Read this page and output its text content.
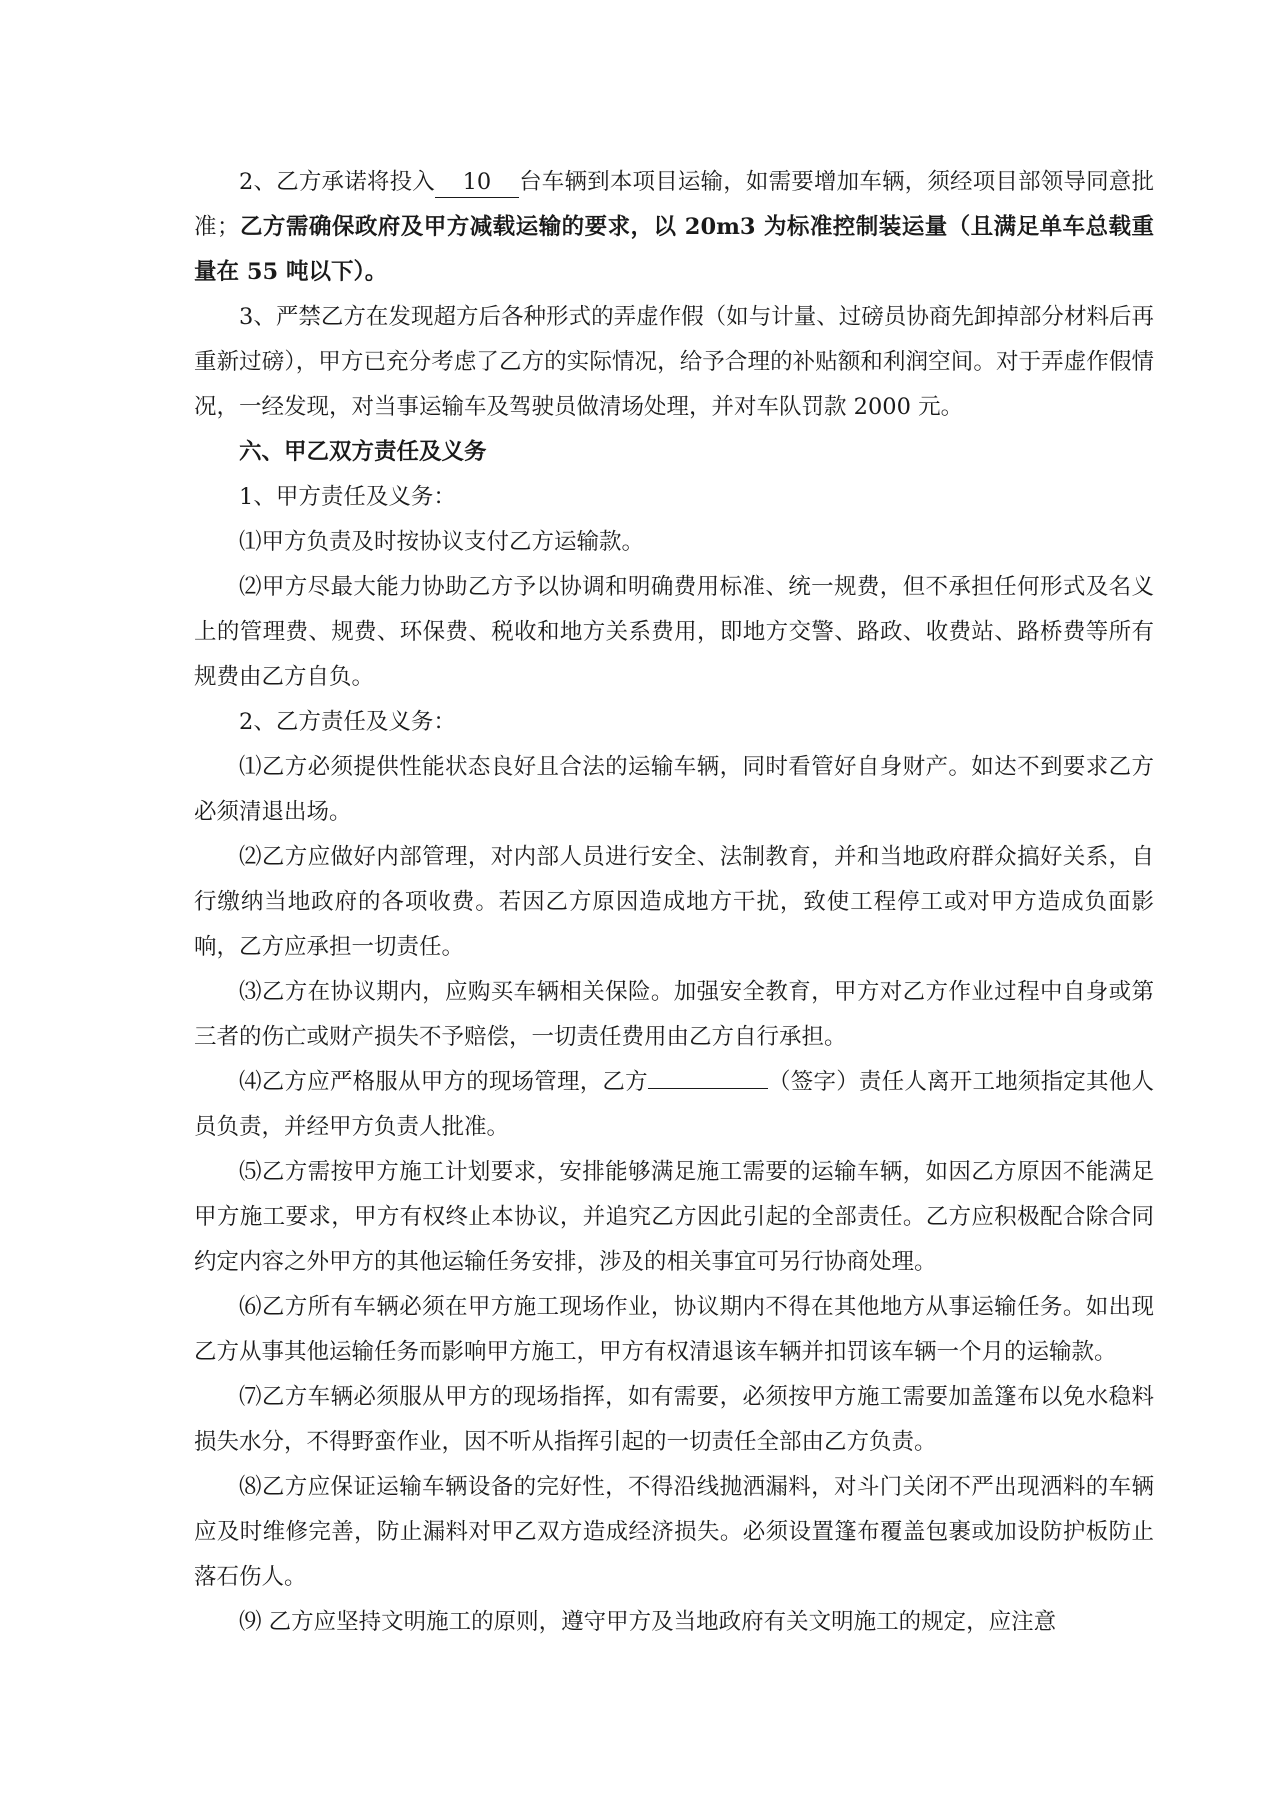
2、乙方承诺将投入 10 台车辆到本项目运输，如需要增加车辆，须经项目部领导同意批准；乙方需确保政府及甲方减载运输的要求，以 20m3 为标准控制装运量（且满足单车总载重量在 55 吨以下）。

3、严禁乙方在发现超方后各种形式的弄虚作假（如与计量、过磅员协商先卸掉部分材料后再重新过磅），甲方已充分考虑了乙方的实际情况，给予合理的补贴额和利润空间。对于弄虚作假情况，一经发现，对当事运输车及驾驶员做清场处理，并对车队罚款 2000 元。

六、甲乙双方责任及义务

1、甲方责任及义务：

⑴甲方负责及时按协议支付乙方运输款。

⑵甲方尽最大能力协助乙方予以协调和明确费用标准、统一规费，但不承担任何形式及名义上的管理费、规费、环保费、税收和地方关系费用，即地方交警、路政、收费站、路桥费等所有规费由乙方自负。

2、乙方责任及义务：

⑴乙方必须提供性能状态良好且合法的运输车辆，同时看管好自身财产。如达不到要求乙方必须清退出场。

⑵乙方应做好内部管理，对内部人员进行安全、法制教育，并和当地政府群众搞好关系，自行缴纳当地政府的各项收费。若因乙方原因造成地方干扰，致使工程停工或对甲方造成负面影响，乙方应承担一切责任。

⑶乙方在协议期内，应购买车辆相关保险。加强安全教育，甲方对乙方作业过程中自身或第三者的伤亡或财产损失不予赔偿，一切责任费用由乙方自行承担。

⑷乙方应严格服从甲方的现场管理，乙方	（签字）责任人离开工地须指定其他人员负责，并经甲方负责人批准。

⑸乙方需按甲方施工计划要求，安排能够满足施工需要的运输车辆，如因乙方原因不能满足甲方施工要求，甲方有权终止本协议，并追究乙方因此引起的全部责任。乙方应积极配合除合同约定内容之外甲方的其他运输任务安排，涉及的相关事宜可另行协商处理。

⑹乙方所有车辆必须在甲方施工现场作业，协议期内不得在其他地方从事运输任务。如出现乙方从事其他运输任务而影响甲方施工，甲方有权清退该车辆并扣罚该车辆一个月的运输款。

⑺乙方车辆必须服从甲方的现场指挥，如有需要，必须按甲方施工需要加盖篷布以免水稳料损失水分，不得野蛮作业，因不听从指挥引起的一切责任全部由乙方负责。

⑻乙方应保证运输车辆设备的完好性，不得沿线抛洒漏料，对斗门关闭不严出现洒料的车辆应及时维修完善，防止漏料对甲乙双方造成经济损失。必须设置篷布覆盖包裹或加设防护板防止落石伤人。

⑼ 乙方应坚持文明施工的原则，遵守甲方及当地政府有关文明施工的规定，应注意
